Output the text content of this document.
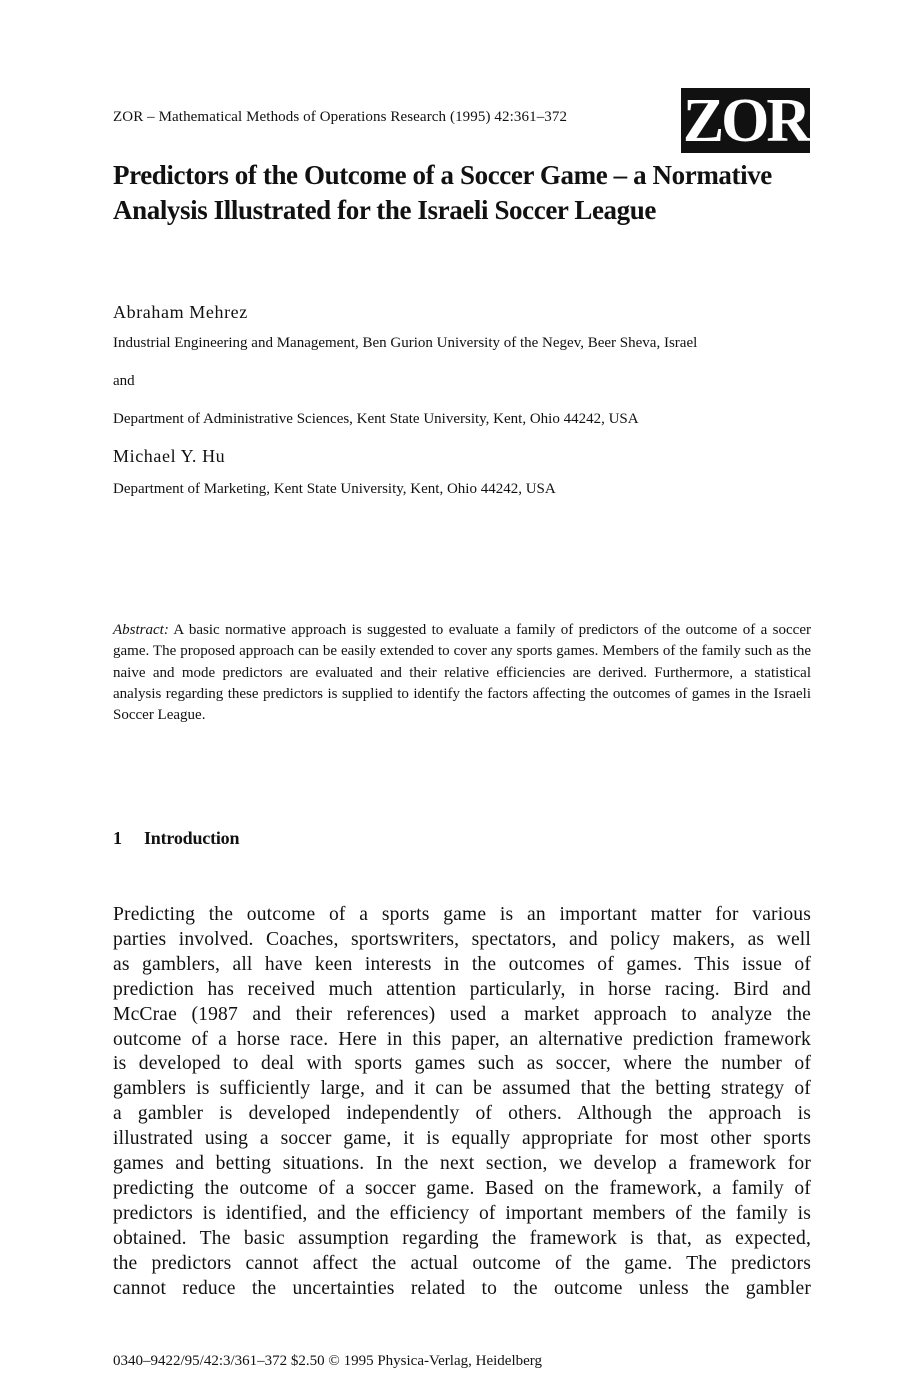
ZOR – Mathematical Methods of Operations Research (1995) 42:361–372 ZOR
Predictors of the Outcome of a Soccer Game – a Normative Analysis Illustrated for the Israeli Soccer League
Abraham Mehrez
Industrial Engineering and Management, Ben Gurion University of the Negev, Beer Sheva, Israel
and
Department of Administrative Sciences, Kent State University, Kent, Ohio 44242, USA
Michael Y. Hu
Department of Marketing, Kent State University, Kent, Ohio 44242, USA

Abstract: A basic normative approach is suggested to evaluate a family of predictors of the outcome of a soccer game. The proposed approach can be easily extended to cover any sports games. Members of the family such as the naive and mode predictors are evaluated and their relative efficiencies are derived. Furthermore, a statistical analysis regarding these predictors is supplied to identify the factors affecting the outcomes of games in the Israeli Soccer League.

1 Introduction
Predicting the outcome of a sports game is an important matter for various
parties involved. Coaches, sportswriters, spectators, and policy makers, as well
as gamblers, all have keen interests in the outcomes of games. This issue of
prediction has received much attention particularly, in horse racing. Bird and
McCrae (1987 and their references) used a market approach to analyze the
outcome of a horse race. Here in this paper, an alternative prediction framework
is developed to deal with sports games such as soccer, where the number of
gamblers is sufficiently large, and it can be assumed that the betting strategy of
a gambler is developed independently of others. Although the approach is
illustrated using a soccer game, it is equally appropriate for most other sports
games and betting situations. In the next section, we develop a framework for
predicting the outcome of a soccer game. Based on the framework, a family of
predictors is identified, and the efficiency of important members of the family is
obtained. The basic assumption regarding the framework is that, as expected,
the predictors cannot affect the actual outcome of the game. The predictors
cannot reduce the uncertainties related to the outcome unless the gambler
0340–9422/95/42:3/361–372 $2.50 © 1995 Physica-Verlag, Heidelberg
